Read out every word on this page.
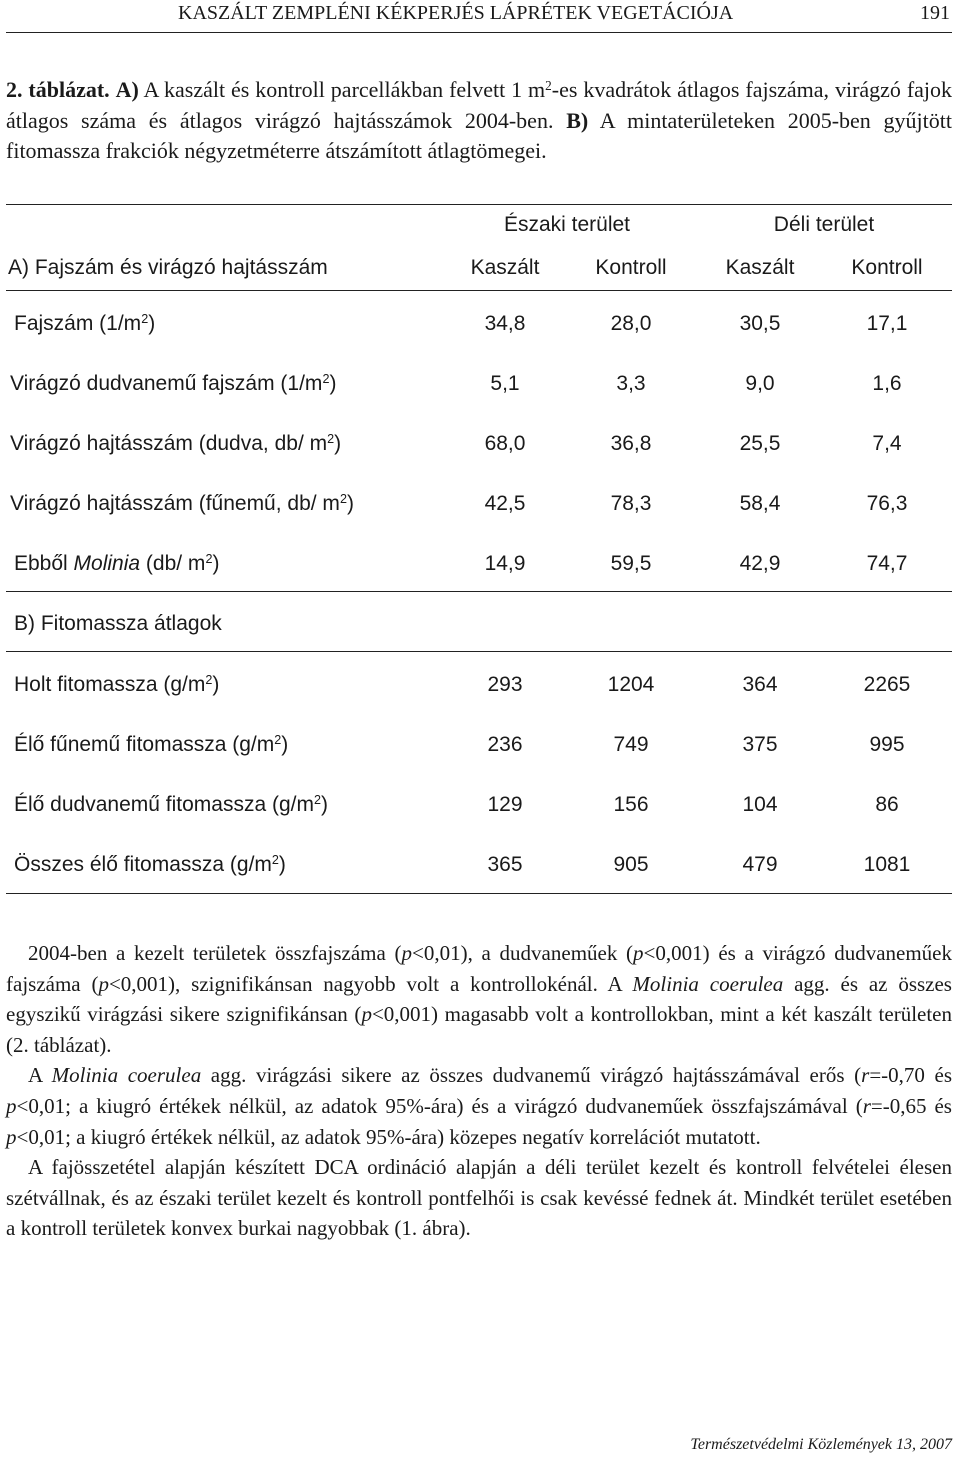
KASZÁLT ZEMPLÉNI KÉKPERJÉS LÁPRÉTEK VEGETÁCIÓJA	191
2. táblázat. A) A kaszált és kontroll parcellákban felvett 1 $m^2-es$ kvadrátok átlagos fajszáma, virágzó fajok átlagos száma és átlagos virágzó hajtásszámok 2004-ben. B) A mintaterületeken 2005-ben gyűjtött fitomassza frakciók négyzetméterre átszámított átlagtömegei.
Északi terület	Déli terület
A) Fajszám és virágzó hajtásszám	Kaszált	Kontroll	Kaszált	Kontroll
Fajszám $(1/m^2)$	34,8	28,0	30,5	17,1
Virágzó dudvanemű fajszám $(1/m^2)$	5,1	3,3	9,0	1,6
Virágzó hajtásszám (dudva, db/ $m^2$)	68,0	36,8	25,5	7,4
Virágzó hajtásszám (fűnemű, db/ $m^2$)	42,5	78,3	58,4	76,3
Ebből Molinia (db/ $m^2$)	14,9	59,5	42,9	74,7
B) Fitomassza átlagok
Holt fitomassza $(g/m^2)$	293	1204	364	2265
Élő fűnemű fitomassza $(g/m^2)$	236	749	375	995
Élő dudvanemű fitomassza $(g/m^2)$	129	156	104	86
Összes élő fitomassza $(g/m^2)$	365	905	479	1081

2004-ben a kezelt területek összfajszáma (p<0,01), a dudvaneműek (p<0,001) és a virágzó dudvaneműek fajszáma (p<0,001), szignifikánsan nagyobb volt a kontrollokénál. A Molinia coerulea agg. és az összes egyszikű virágzási sikere szignifikánsan (p<0,001) magasabb volt a kontrollokban, mint a két kaszált területen (2. táblázat).

A Molinia coerulea agg. virágzási sikere az összes dudvanemű virágzó hajtásszámával erős (r=-0,70 és p<0,01; a kiugró értékek nélkül, az adatok 95%-ára) és a virágzó dudvaneműek összfajszámával (r=-0,65 és p<0,01; a kiugró értékek nélkül, az adatok 95%-ára) közepes negatív korrelációt mutatott.

A fajösszetétel alapján készített DCA ordináció alapján a déli terület kezelt és kontroll felvételei élesen szétvállnak, és az északi terület kezelt és kontroll pontfelhői is csak kevéssé fednek át. Mindkét terület esetében a kontroll területek konvex burkai nagyobbak (1. ábra).

Természetvédelmi Közlemények 13, 2007
